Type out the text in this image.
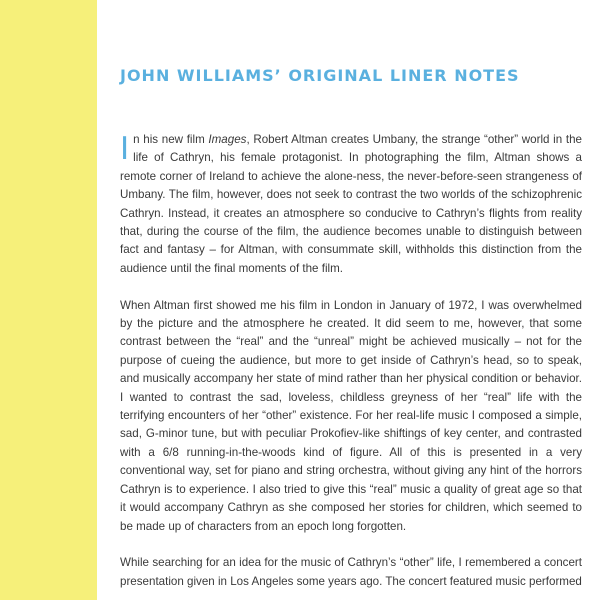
JOHN WILLIAMS’ ORIGINAL LINER NOTES

In his new film Images, Robert Altman creates Umbany, the strange “other” world in the life of Cathryn, his female protagonist. In photographing the film, Altman shows a remote corner of Ireland to achieve the alone-ness, the never-before-seen strangeness of Umbany. The film, however, does not seek to contrast the two worlds of the schizophrenic Cathryn. Instead, it creates an atmosphere so conducive to Cathryn’s flights from reality that, during the course of the film, the audience becomes unable to distinguish between fact and fantasy – for Altman, with consummate skill, withholds this distinction from the audience until the final moments of the film.

When Altman first showed me his film in London in January of 1972, I was overwhelmed by the picture and the atmosphere he created. It did seem to me, however, that some contrast between the “real” and the “unreal” might be achieved musically – not for the purpose of cueing the audience, but more to get inside of Cathryn’s head, so to speak, and musically accompany her state of mind rather than her physical condition or behavior. I wanted to contrast the sad, loveless, childless greyness of her “real” life with the terrifying encounters of her “other” existence. For her real-life music I composed a simple, sad, G-minor tune, but with peculiar Prokofiev-like shiftings of key center, and contrasted with a 6/8 running-in-the-woods kind of figure. All of this is presented in a very conventional way, set for piano and string orchestra, without giving any hint of the horrors Cathryn is to experience. I also tried to give this “real” music a quality of great age so that it would accompany Cathryn as she composed her stories for children, which seemed to be made up of characters from an epoch long forgotten.

While searching for an idea for the music of Cathryn’s “other” life, I remembered a concert presentation given in Los Angeles some years ago. The concert featured music performed
